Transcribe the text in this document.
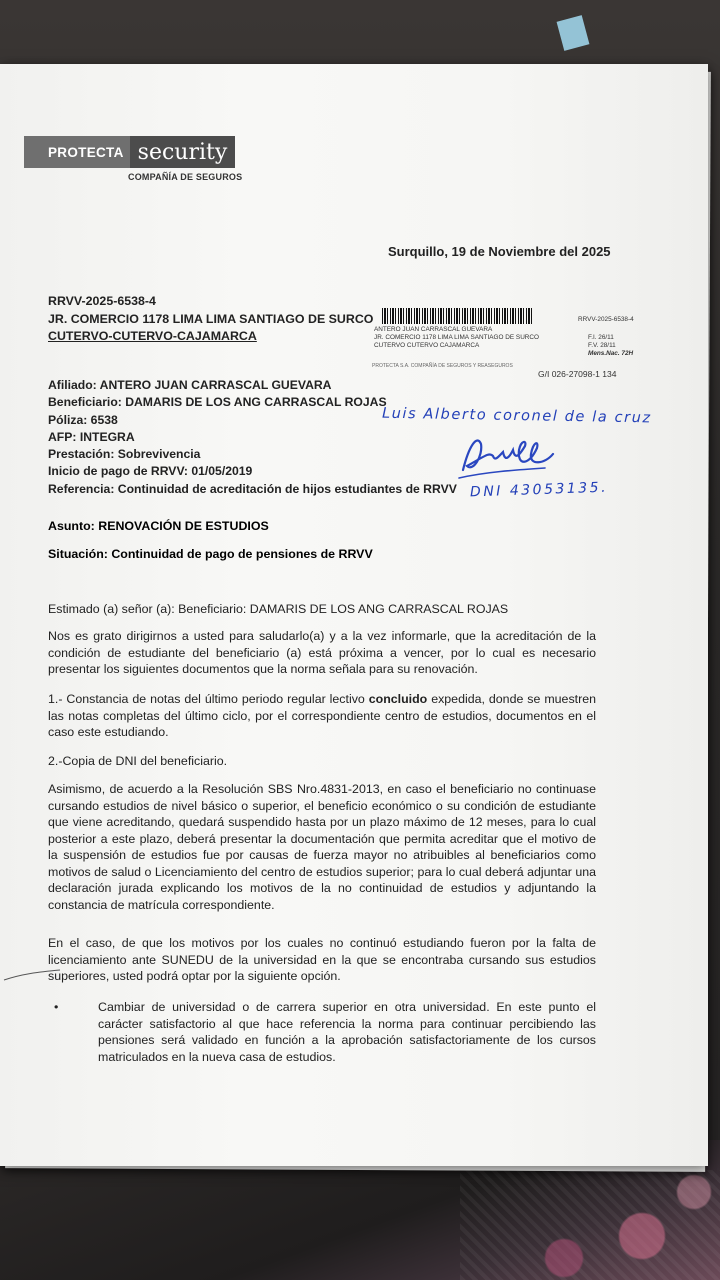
PROTECTA security
COMPAÑÍA DE SEGUROS
Surquillo, 19 de Noviembre del 2025
RRVV-2025-6538-4
JR. COMERCIO 1178 LIMA LIMA SANTIAGO DE SURCO
CUTERVO-CUTERVO-CAJAMARCA
RRVV-2025-6538-4
ANTERO JUAN CARRASCAL GUEVARA
JR. COMERCIO 1178 LIMA LIMA SANTIAGO DE SURCO
CUTERVO CUTERVO CAJAMARCA
F.I. 26/11
F.V. 28/11
Mens.Nac. 72H
PROTECTA S.A. COMPAÑÍA DE SEGUROS Y REASEGUROS
G/I 026-27098-1 134
Afiliado: ANTERO JUAN CARRASCAL GUEVARA
Beneficiario: DAMARIS DE LOS ANG CARRASCAL ROJAS
Póliza: 6538
AFP: INTEGRA
Prestación: Sobrevivencia
Inicio de pago de RRVV: 01/05/2019
Referencia: Continuidad de acreditación de hijos estudiantes de RRVV
Luis Alberto coronel de la cruz
DNI 43053135.
Asunto: RENOVACIÓN DE ESTUDIOS
Situación: Continuidad de pago de pensiones de RRVV
Estimado (a) señor (a): Beneficiario: DAMARIS DE LOS ANG CARRASCAL ROJAS
Nos es grato dirigirnos a usted para saludarlo(a) y a la vez informarle, que la acreditación de la condición de estudiante del beneficiario (a) está próxima a vencer, por lo cual es necesario presentar los siguientes documentos que la norma señala para su renovación.
1.- Constancia de notas del último periodo regular lectivo concluido expedida, donde se muestren las notas completas del último ciclo, por el correspondiente centro de estudios, documentos en el caso este estudiando.
2.-Copia de DNI del beneficiario.
Asimismo, de acuerdo a la Resolución SBS Nro.4831-2013, en caso el beneficiario no continuase cursando estudios de nivel básico o superior, el beneficio económico o su condición de estudiante que viene acreditando, quedará suspendido hasta por un plazo máximo de 12 meses, para lo cual posterior a este plazo, deberá presentar la documentación que permita acreditar que el motivo de la suspensión de estudios fue por causas de fuerza mayor no atribuibles al beneficiarios como motivos de salud o Licenciamiento del centro de estudios superior; para lo cual deberá adjuntar una declaración jurada explicando los motivos de la no continuidad de estudios y adjuntando la constancia de matrícula correspondiente.
En el caso, de que los motivos por los cuales no continuó estudiando fueron por la falta de licenciamiento ante SUNEDU de la universidad en la que se encontraba cursando sus estudios superiores, usted podrá optar por la siguiente opción.
•	Cambiar de universidad o de carrera superior en otra universidad. En este punto el carácter satisfactorio al que hace referencia la norma para continuar percibiendo las pensiones será validado en función a la aprobación satisfactoriamente de los cursos matriculados en la nueva casa de estudios.
